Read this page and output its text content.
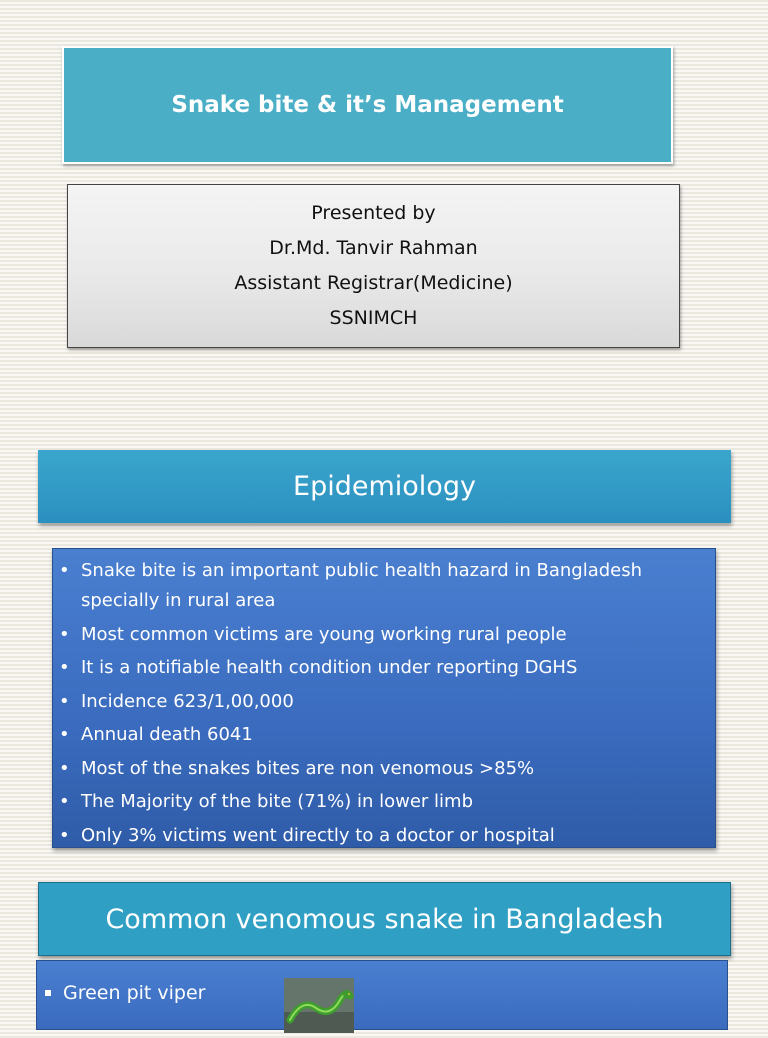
Snake bite & it’s Management
Presented by
Dr.Md. Tanvir Rahman
Assistant Registrar(Medicine)
SSNIMCH
Epidemiology
• Snake bite is an important public health hazard in Bangladesh specially in rural area
• Most common victims are young working rural people
• It is a notifiable health condition under reporting DGHS
• Incidence 623/1,00,000
• Annual death 6041
• Most of the snakes bites are non venomous >85%
• The Majority of the bite (71%) in lower limb
• Only 3% victims went directly to a doctor or hospital
Common venomous snake in Bangladesh
Green pit viper
